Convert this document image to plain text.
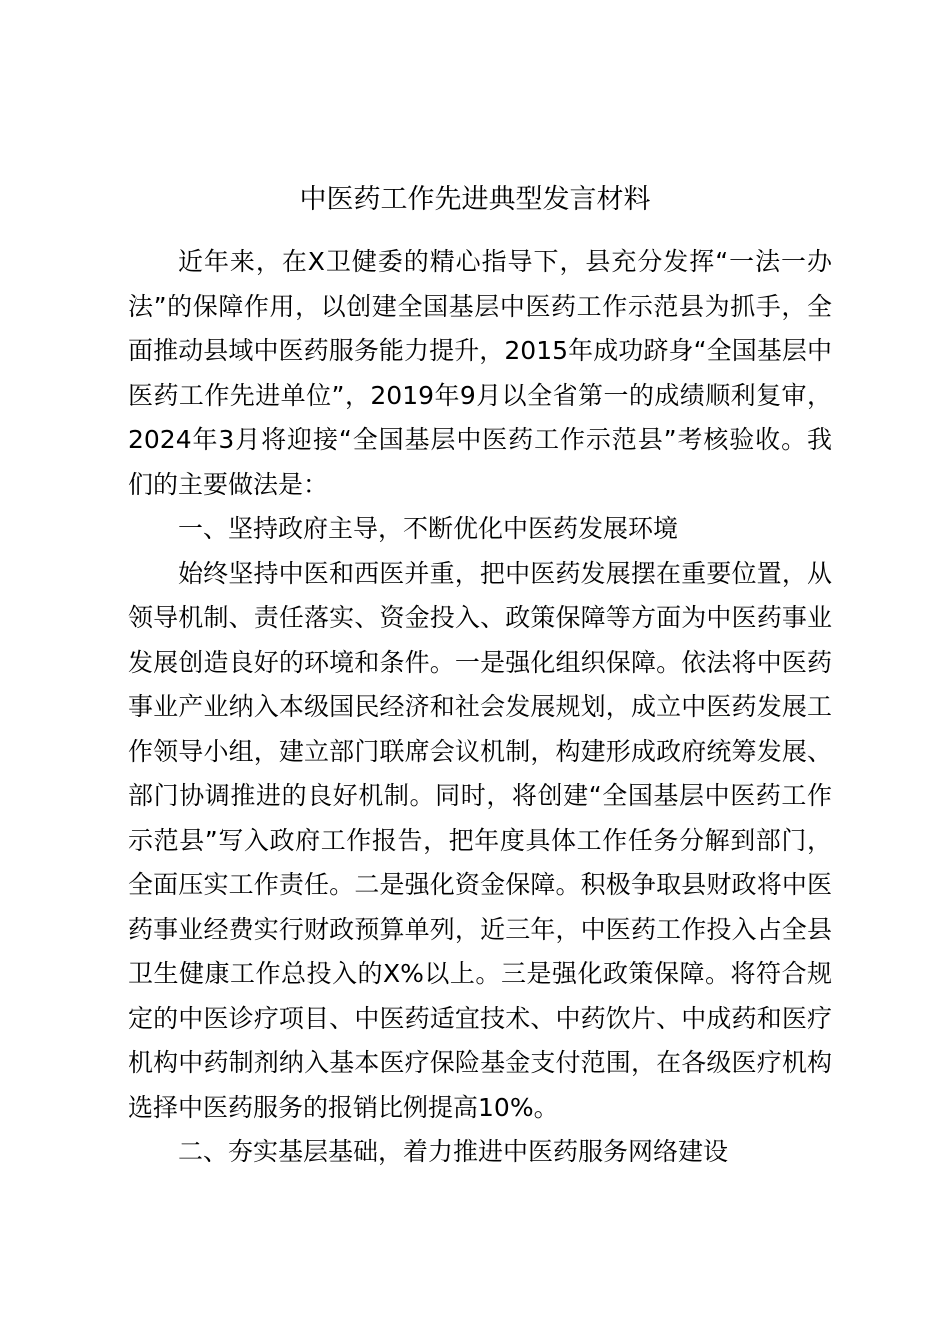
中医药工作先进典型发言材料

近年来，在X卫健委的精心指导下，县充分发挥“一法一办法”的保障作用，以创建全国基层中医药工作示范县为抓手，全面推动县域中医药服务能力提升，2015年成功跻身“全国基层中医药工作先进单位”，2019年9月以全省第一的成绩顺利复审，2024年3月将迎接“全国基层中医药工作示范县”考核验收。我们的主要做法是：

一、坚持政府主导，不断优化中医药发展环境

始终坚持中医和西医并重，把中医药发展摆在重要位置，从领导机制、责任落实、资金投入、政策保障等方面为中医药事业发展创造良好的环境和条件。一是强化组织保障。依法将中医药事业产业纳入本级国民经济和社会发展规划，成立中医药发展工作领导小组，建立部门联席会议机制，构建形成政府统筹发展、部门协调推进的良好机制。同时，将创建“全国基层中医药工作示范县”写入政府工作报告，把年度具体工作任务分解到部门，全面压实工作责任。二是强化资金保障。积极争取县财政将中医药事业经费实行财政预算单列，近三年，中医药工作投入占全县卫生健康工作总投入的X%以上。三是强化政策保障。将符合规定的中医诊疗项目、中医药适宜技术、中药饮片、中成药和医疗机构中药制剂纳入基本医疗保险基金支付范围，在各级医疗机构选择中医药服务的报销比例提高10%。

二、夯实基层基础，着力推进中医药服务网络建设
